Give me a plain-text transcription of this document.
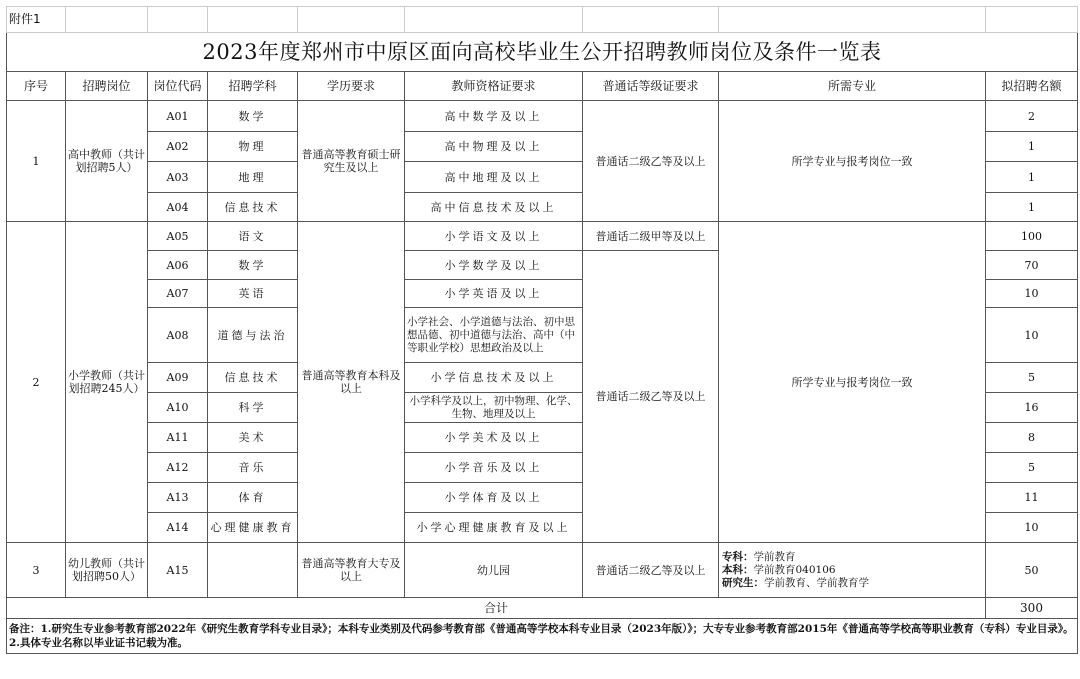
附件1								
2023年度郑州市中原区面向高校毕业生公开招聘教师岗位及条件一览表								
序号	招聘岗位	岗位代码	招聘学科	学历要求	教师资格证要求	普通话等级证要求	所需专业	拟招聘名额
1	高中教师（共计划招聘5人）	A01	数学	普通高等教育硕士研究生及以上	高中数学及以上	普通话二级乙等及以上	所学专业与报考岗位一致	2
		A02	物理		高中物理及以上			1
		A03	地理		高中地理及以上			1
		A04	信息技术		高中信息技术及以上			1
2	小学教师（共计划招聘245人）	A05	语文	普通高等教育本科及以上	小学语文及以上	普通话二级甲等及以上	所学专业与报考岗位一致	100
		A06	数学		小学数学及以上	普通话二级乙等及以上		70
		A07	英语		小学英语及以上			10
		A08	道德与法治		小学社会、小学道德与法治、初中思想品德、初中道德与法治、高中（中等职业学校）思想政治及以上			10
		A09	信息技术		小学信息技术及以上			5
		A10	科学		小学科学及以上，初中物理、化学、生物、地理及以上			16
		A11	美术		小学美术及以上			8
		A12	音乐		小学音乐及以上			5
		A13	体育		小学体育及以上			11
		A14	心理健康教育		小学心理健康教育及以上			10
3	幼儿教师（共计划招聘50人）	A15		普通高等教育大专及以上	幼儿园	普通话二级乙等及以上	专科：学前教育
本科：学前教育040106
研究生：学前教育、学前教育学	50
合计								300
备注：1.研究生专业参考教育部2022年《研究生教育学科专业目录》；本科专业类别及代码参考教育部《普通高等学校本科专业目录（2023年版）》；大专专业参考教育部2015年《普通高等学校高等职业教育（专科）专业目录》。2.具体专业名称以毕业证书记载为准。								
